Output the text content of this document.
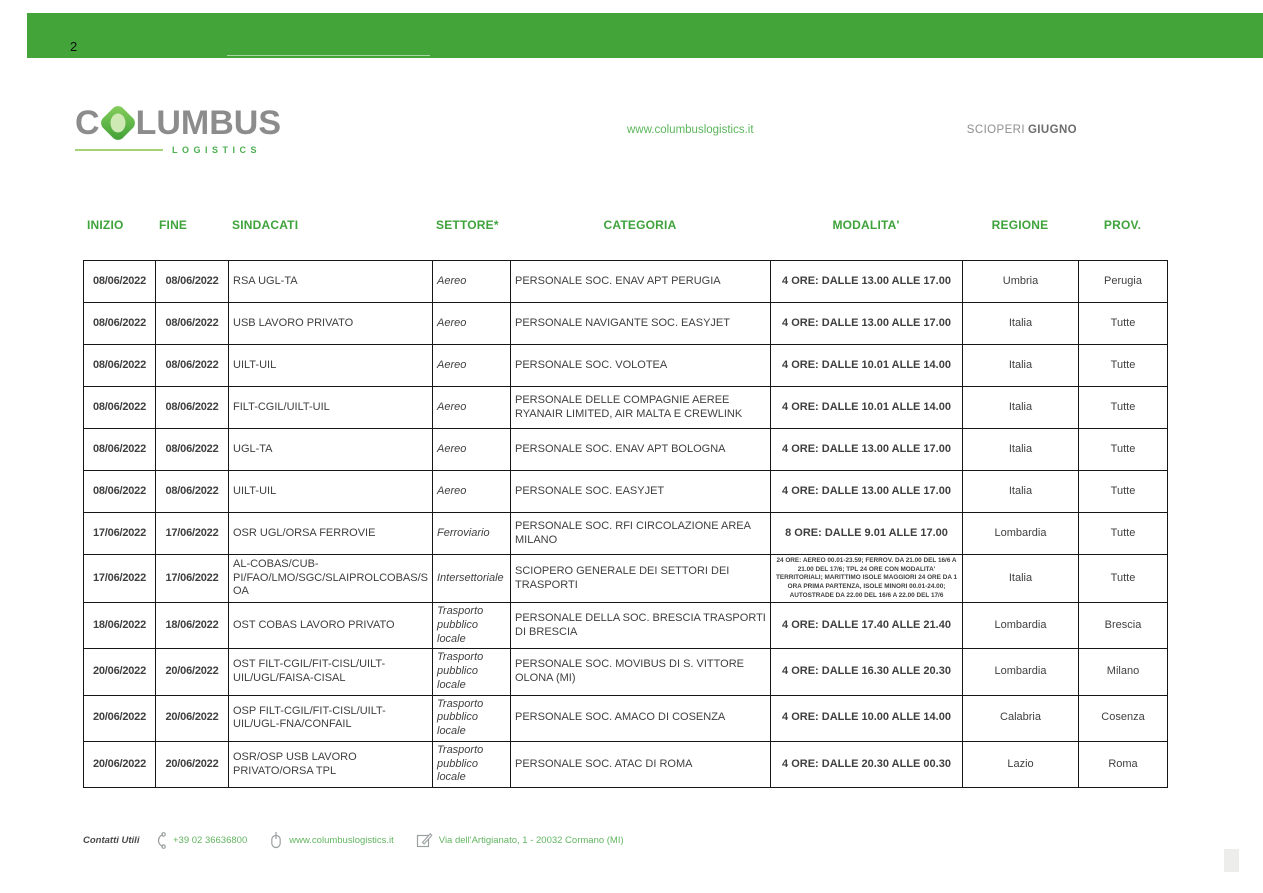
2
C LUMBUS
LOGISTICS
www.columbuslogistics.it	SCIOPERI GIUGNO
INIZIO	FINE	SINDACATI	SETTORE*	CATEGORIA	MODALITA'	REGIONE	PROV.
08/06/2022	08/06/2022	RSA UGL-TA	Aereo	PERSONALE SOC. ENAV APT PERUGIA	4 ORE: DALLE 13.00 ALLE 17.00	Umbria	Perugia
08/06/2022	08/06/2022	USB LAVORO PRIVATO	Aereo	PERSONALE NAVIGANTE SOC. EASYJET	4 ORE: DALLE 13.00 ALLE 17.00	Italia	Tutte
08/06/2022	08/06/2022	UILT-UIL	Aereo	PERSONALE SOC. VOLOTEA	4 ORE: DALLE 10.01 ALLE 14.00	Italia	Tutte
08/06/2022	08/06/2022	FILT-CGIL/UILT-UIL	Aereo	PERSONALE DELLE COMPAGNIE AEREE RYANAIR LIMITED, AIR MALTA E CREWLINK	4 ORE: DALLE 10.01 ALLE 14.00	Italia	Tutte
08/06/2022	08/06/2022	UGL-TA	Aereo	PERSONALE SOC. ENAV APT BOLOGNA	4 ORE: DALLE 13.00 ALLE 17.00	Italia	Tutte
08/06/2022	08/06/2022	UILT-UIL	Aereo	PERSONALE SOC. EASYJET	4 ORE: DALLE 13.00 ALLE 17.00	Italia	Tutte
17/06/2022	17/06/2022	OSR UGL/ORSA FERROVIE	Ferroviario	PERSONALE SOC. RFI CIRCOLAZIONE AREA MILANO	8 ORE: DALLE 9.01 ALLE 17.00	Lombardia	Tutte
17/06/2022	17/06/2022	AL-COBAS/CUB-PI/FAO/LMO/SGC/SLAIPROLCOBAS/SOA	Intersettoriale	SCIOPERO GENERALE DEI SETTORI DEI TRASPORTI	24 ORE: AEREO 00.01-23.59; FERROV. DA 21.00 DEL 16/6 A 21.00 DEL 17/6; TPL 24 ORE CON MODALITA' TERRITORIALI; MARITTIMO ISOLE MAGGIORI 24 ORE DA 1 ORA PRIMA PARTENZA, ISOLE MINORI 00.01-24.00; AUTOSTRADE DA 22.00 DEL 16/6 A 22.00 DEL 17/6	Italia	Tutte
18/06/2022	18/06/2022	OST COBAS LAVORO PRIVATO	Trasporto pubblico locale	PERSONALE DELLA SOC. BRESCIA TRASPORTI DI BRESCIA	4 ORE: DALLE 17.40 ALLE 21.40	Lombardia	Brescia
20/06/2022	20/06/2022	OST FILT-CGIL/FIT-CISL/UILT-UIL/UGL/FAISA-CISAL	Trasporto pubblico locale	PERSONALE SOC. MOVIBUS DI S. VITTORE OLONA (MI)	4 ORE: DALLE 16.30 ALLE 20.30	Lombardia	Milano
20/06/2022	20/06/2022	OSP FILT-CGIL/FIT-CISL/UILT-UIL/UGL-FNA/CONFAIL	Trasporto pubblico locale	PERSONALE SOC. AMACO DI COSENZA	4 ORE: DALLE 10.00 ALLE 14.00	Calabria	Cosenza
20/06/2022	20/06/2022	OSR/OSP USB LAVORO PRIVATO/ORSA TPL	Trasporto pubblico locale	PERSONALE SOC. ATAC DI ROMA	4 ORE: DALLE 20.30 ALLE 00.30	Lazio	Roma
Contatti Utili	+39 02 36636800	www.columbuslogistics.it	Via dell'Artigianato, 1 - 20032 Cormano (MI)
